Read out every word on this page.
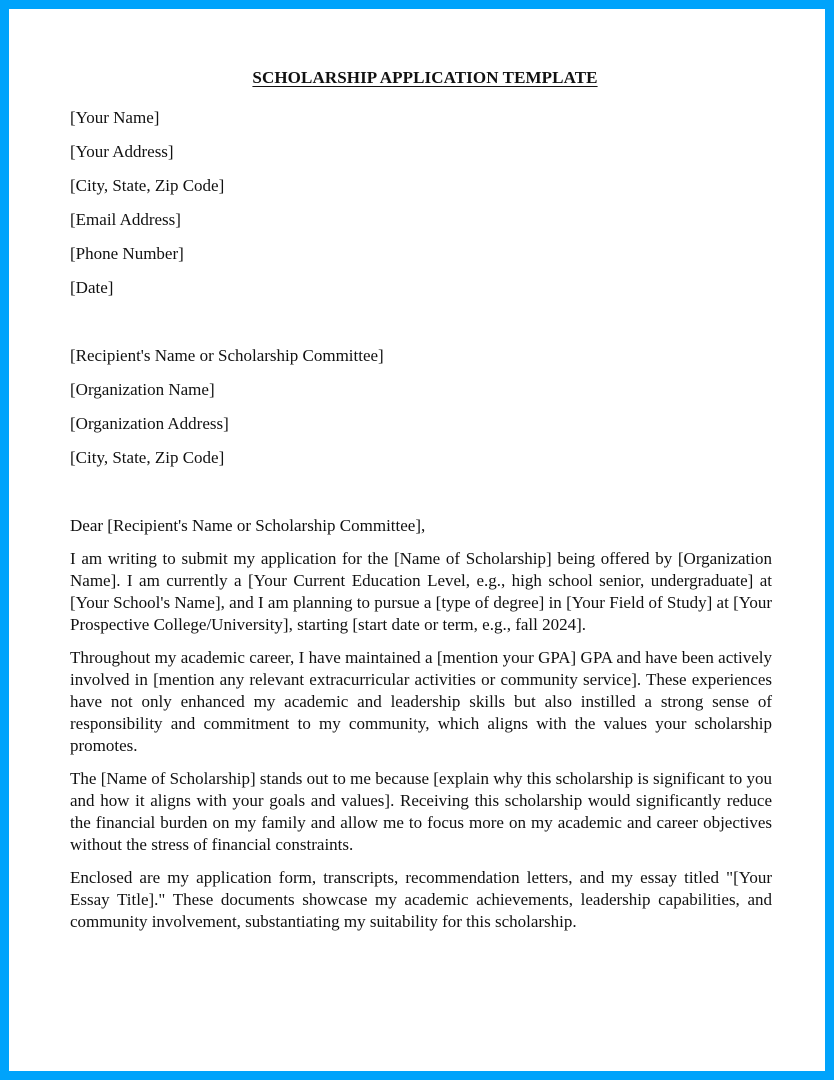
SCHOLARSHIP APPLICATION TEMPLATE

[Your Name]

[Your Address]

[City, State, Zip Code]

[Email Address]

[Phone Number]

[Date]

[Recipient's Name or Scholarship Committee]

[Organization Name]

[Organization Address]

[City, State, Zip Code]

Dear [Recipient's Name or Scholarship Committee],

I am writing to submit my application for the [Name of Scholarship] being offered by [Organization Name]. I am currently a [Your Current Education Level, e.g., high school senior, undergraduate] at [Your School's Name], and I am planning to pursue a [type of degree] in [Your Field of Study] at [Your Prospective College/University], starting [start date or term, e.g., fall 2024].

Throughout my academic career, I have maintained a [mention your GPA] GPA and have been actively involved in [mention any relevant extracurricular activities or community service]. These experiences have not only enhanced my academic and leadership skills but also instilled a strong sense of responsibility and commitment to my community, which aligns with the values your scholarship promotes.

The [Name of Scholarship] stands out to me because [explain why this scholarship is significant to you and how it aligns with your goals and values]. Receiving this scholarship would significantly reduce the financial burden on my family and allow me to focus more on my academic and career objectives without the stress of financial constraints.

Enclosed are my application form, transcripts, recommendation letters, and my essay titled "[Your Essay Title]." These documents showcase my academic achievements, leadership capabilities, and community involvement, substantiating my suitability for this scholarship.
